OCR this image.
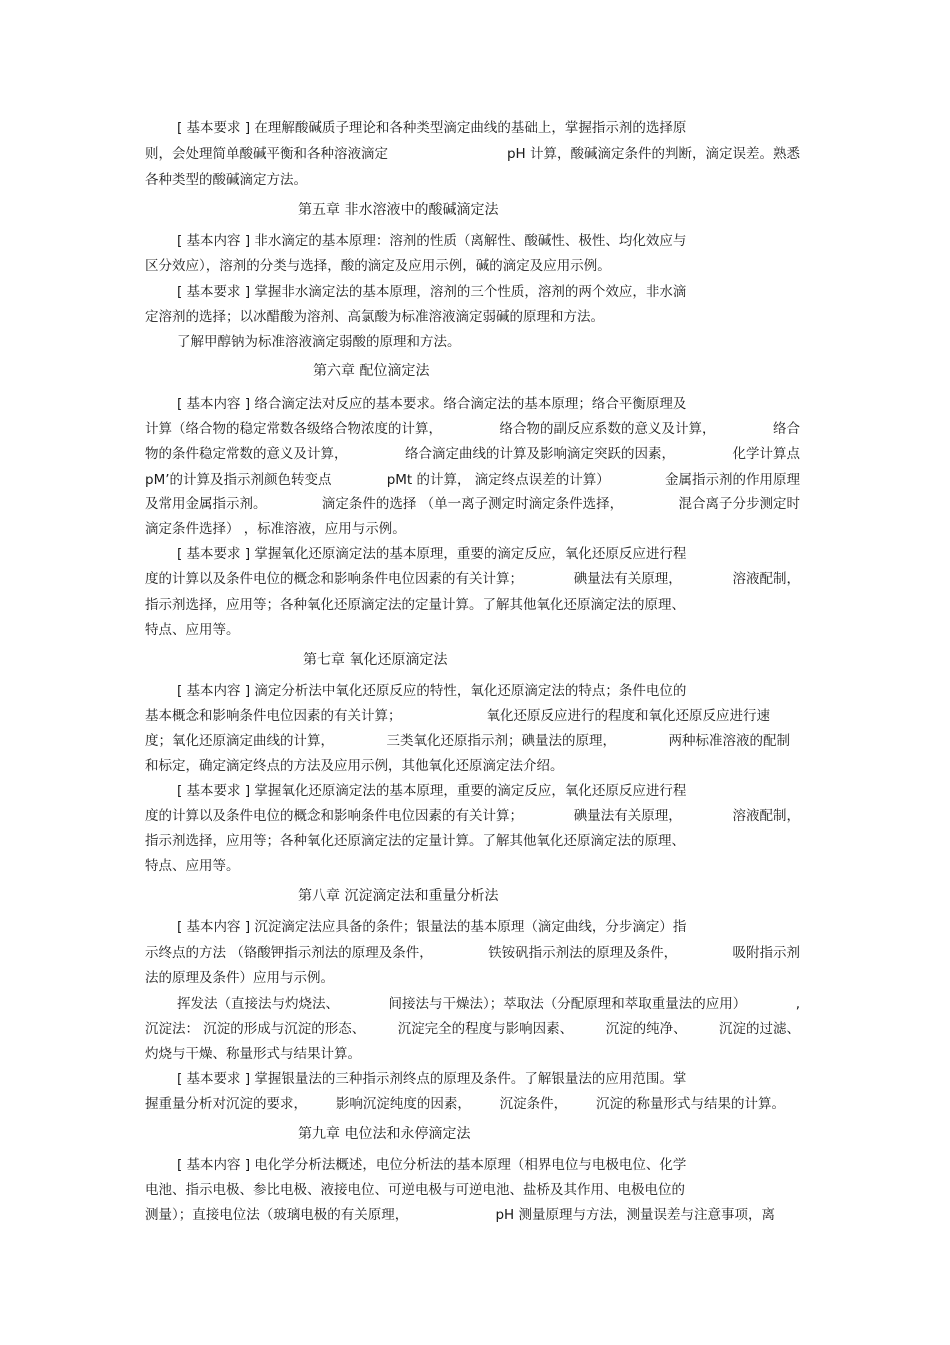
[ 基本要求 ] 在理解酸碱质子理论和各种类型滴定曲线的基础上，掌握指示剂的选择原
则，会处理简单酸碱平衡和各种溶液滴定	pH 计算，酸碱滴定条件的判断，滴定误差。熟悉
各种类型的酸碱滴定方法。
第五章 非水溶液中的酸碱滴定法
[ 基本内容 ] 非水滴定的基本原理：溶剂的性质（离解性、酸碱性、极性、均化效应与
区分效应），溶剂的分类与选择，酸的滴定及应用示例，碱的滴定及应用示例。
[ 基本要求 ] 掌握非水滴定法的基本原理，溶剂的三个性质，溶剂的两个效应，非水滴
定溶剂的选择；以冰醋酸为溶剂、高氯酸为标准溶液滴定弱碱的原理和方法。
了解甲醇钠为标准溶液滴定弱酸的原理和方法。
第六章 配位滴定法
[ 基本内容 ] 络合滴定法对反应的基本要求。络合滴定法的基本原理；络合平衡原理及
计算（络合物的稳定常数各级络合物浓度的计算，	络合物的副反应系数的意义及计算，	络合
物的条件稳定常数的意义及计算，	络合滴定曲线的计算及影响滴定突跃的因素，	化学计算点
pM’的计算及指示剂颜色转变点	pMt 的计算， 滴定终点误差的计算）	金属指示剂的作用原理
及常用金属指示剂。	滴定条件的选择 （单一离子测定时滴定条件选择，	混合离子分步测定时
滴定条件选择） ，标准溶液，应用与示例。
[ 基本要求 ] 掌握氧化还原滴定法的基本原理，重要的滴定反应，氧化还原反应进行程
度的计算以及条件电位的概念和影响条件电位因素的有关计算；	碘量法有关原理，	溶液配制，
指示剂选择，应用等；各种氧化还原滴定法的定量计算。了解其他氧化还原滴定法的原理、
特点、应用等。
第七章 氧化还原滴定法
[ 基本内容 ] 滴定分析法中氧化还原反应的特性，氧化还原滴定法的特点；条件电位的
基本概念和影响条件电位因素的有关计算；	氧化还原反应进行的程度和氧化还原反应进行速
度；氧化还原滴定曲线的计算，	三类氧化还原指示剂；碘量法的原理，	两种标准溶液的配制
和标定，确定滴定终点的方法及应用示例，其他氧化还原滴定法介绍。
[ 基本要求 ] 掌握氧化还原滴定法的基本原理，重要的滴定反应，氧化还原反应进行程
度的计算以及条件电位的概念和影响条件电位因素的有关计算；	碘量法有关原理，	溶液配制，
指示剂选择，应用等；各种氧化还原滴定法的定量计算。了解其他氧化还原滴定法的原理、
特点、应用等。
第八章 沉淀滴定法和重量分析法
[ 基本内容 ] 沉淀滴定法应具备的条件；银量法的基本原理（滴定曲线，分步滴定）指
示终点的方法 （铬酸钾指示剂法的原理及条件，	铁铵矾指示剂法的原理及条件，	吸附指示剂
法的原理及条件）应用与示例。
挥发法（直接法与灼烧法、	间接法与干燥法）；萃取法（分配原理和萃取重量法的应用）	,
沉淀法： 沉淀的形成与沉淀的形态、 沉淀完全的程度与影响因素、 沉淀的纯净、 沉淀的过滤、
灼烧与干燥、称量形式与结果计算。
[ 基本要求 ] 掌握银量法的三种指示剂终点的原理及条件。了解银量法的应用范围。掌
握重量分析对沉淀的要求， 影响沉淀纯度的因素， 沉淀条件， 沉淀的称量形式与结果的计算。
第九章 电位法和永停滴定法
[ 基本内容 ] 电化学分析法概述，电位分析法的基本原理（相界电位与电极电位、化学
电池、指示电极、参比电极、液接电位、可逆电极与可逆电池、盐桥及其作用、电极电位的
测量）；直接电位法（玻璃电极的有关原理，	pH 测量原理与方法，测量误差与注意事项，离
